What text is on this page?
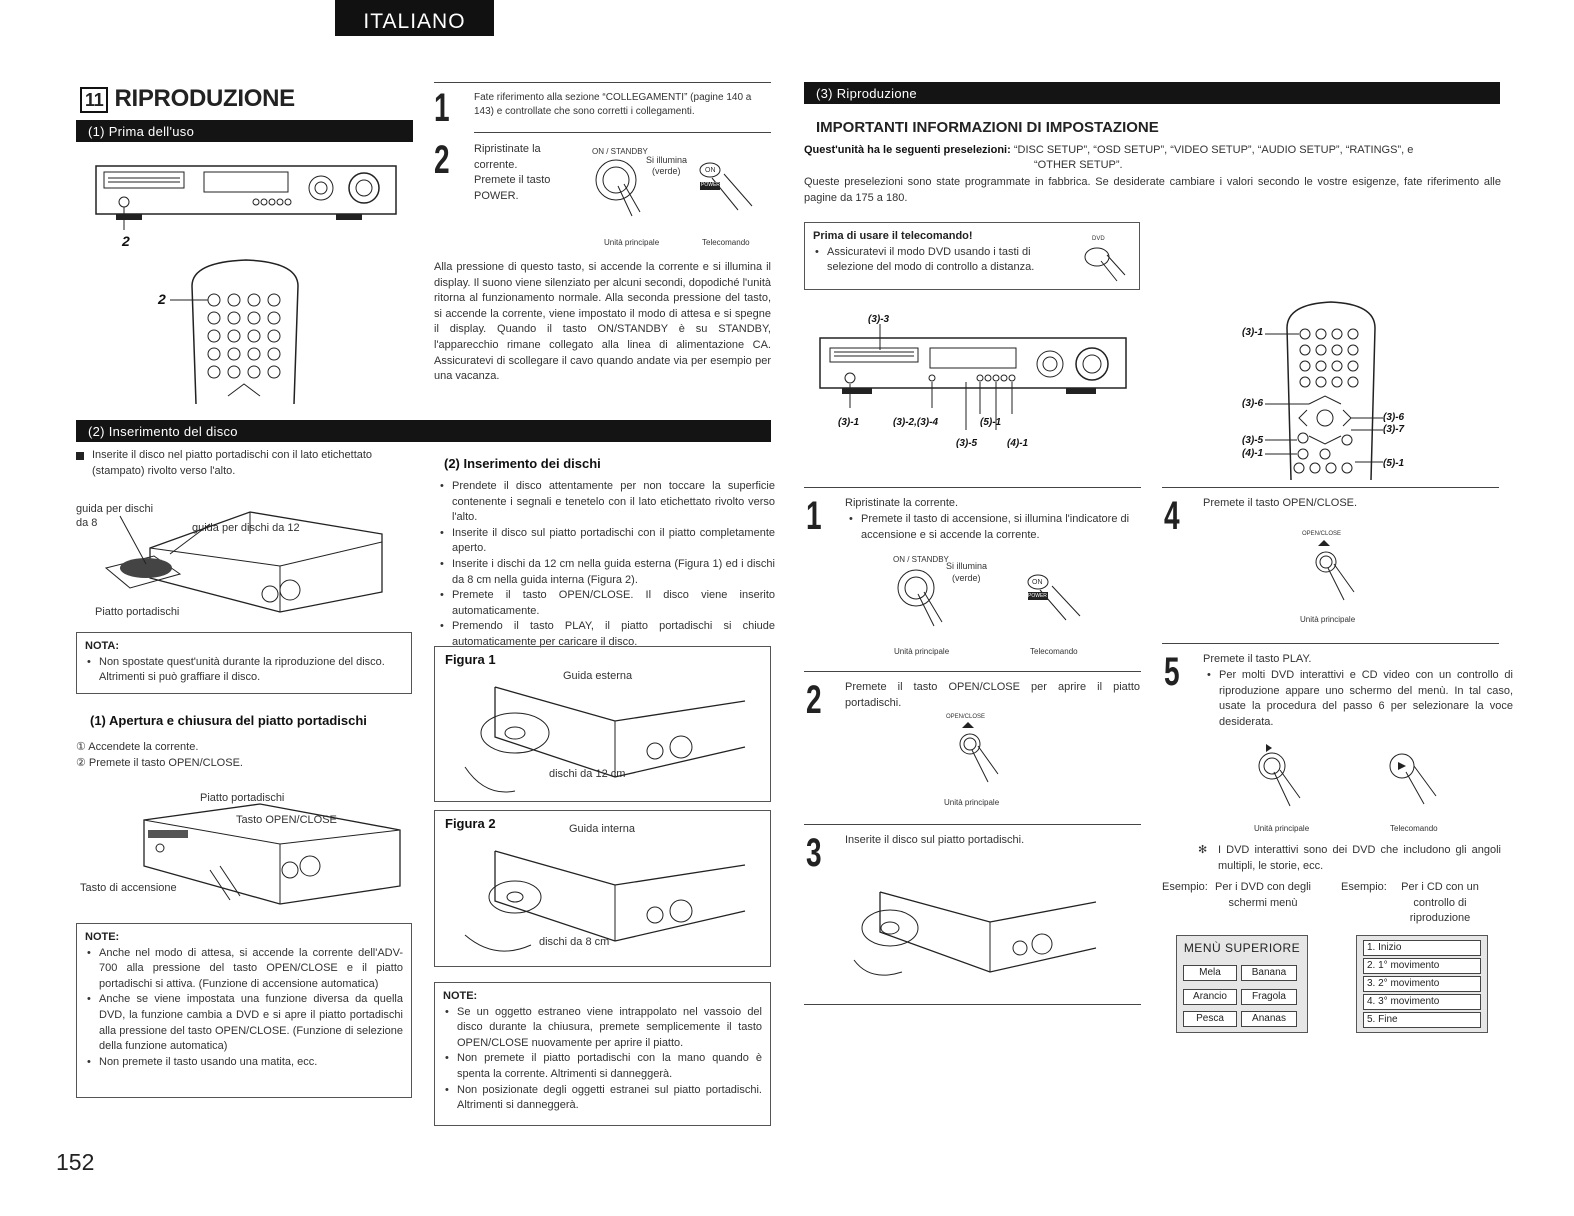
ITALIANO
11 RIPRODUZIONE
(1) Prima dell'uso
2
2
1 Fate riferimento alla sezione “COLLEGAMENTI” (pagine 140 a 143) e controllate che sono corretti i collegamenti.
2 Ripristinate la
corrente.
Premete il tasto
POWER.
ON / STANDBY
Si illumina
(verde)	ON
POWER
Unità principale	Telecomando
Alla pressione di questo tasto, si accende la corrente e si illumina il display. Il suono viene silenziato per alcuni secondi, dopodiché l'unità ritorna al funzionamento normale. Alla seconda pressione del tasto, si accende la corrente, viene impostato il modo di attesa e si spegne il display. Quando il tasto ON/STANDBY è su STANDBY, l'apparecchio rimane collegato alla linea di alimentazione CA. Assicuratevi di scollegare il cavo quando andate via per esempio per una vacanza.
(2) Inserimento del disco
Inserite il disco nel piatto portadischi con il lato etichettato (stampato) rivolto verso l'alto.
guida per dischi
da 8	guida per dischi da 12
Piatto portadischi
NOTA:
• Non spostate quest'unità durante la riproduzione del disco. Altrimenti si può graffiare il disco.
(1) Apertura e chiusura del piatto portadischi
① Accendete la corrente.
② Premete il tasto OPEN/CLOSE.
Piatto portadischi
Tasto OPEN/CLOSE
Tasto di accensione
NOTE:
• Anche nel modo di attesa, si accende la corrente dell'ADV-700 alla pressione del tasto OPEN/CLOSE e il piatto portadischi si attiva. (Funzione di accensione automatica)
• Anche se viene impostata una funzione diversa da quella DVD, la funzione cambia a DVD e si apre il piatto portadischi alla pressione del tasto OPEN/CLOSE. (Funzione di selezione della funzione automatica)
• Non premete il tasto usando una matita, ecc.
(2) Inserimento dei dischi
• Prendete il disco attentamente per non toccare la superficie contenente i segnali e tenetelo con il lato etichettato rivolto verso l'alto.
• Inserite il disco sul piatto portadischi con il piatto completamente aperto.
• Inserite i dischi da 12 cm nella guida esterna (Figura 1) ed i dischi da 8 cm nella guida interna (Figura 2).
• Premete il tasto OPEN/CLOSE. Il disco viene inserito automaticamente.
• Premendo il tasto PLAY, il piatto portadischi si chiude automaticamente per caricare il disco.
Figura 1
Guida esterna
dischi da 12 cm
Figura 2	Guida interna
dischi da 8 cm
NOTE:
• Se un oggetto estraneo viene intrappolato nel vassoio del disco durante la chiusura, premete semplicemente il tasto OPEN/CLOSE nuovamente per aprire il piatto.
• Non premete il piatto portadischi con la mano quando è spenta la corrente. Altrimenti si danneggerà.
• Non posizionate degli oggetti estranei sul piatto portadischi. Altrimenti si danneggerà.
152
(3) Riproduzione
IMPORTANTI INFORMAZIONI DI IMPOSTAZIONE
Quest'unità ha le seguenti preselezioni: “DISC SETUP”, “OSD SETUP”, “VIDEO SETUP”, “AUDIO SETUP”, “RATINGS”, e
“OTHER SETUP”.
Queste preselezioni sono state programmate in fabbrica. Se desiderate cambiare i valori secondo le vostre esigenze, fate riferimento alle pagine da 175 a 180.
Prima di usare il telecomando!
• Assicuratevi il modo DVD usando i tasti di selezione del modo di controllo a distanza.
DVD
(3)-3
(3)-1	(3)-2,(3)-4	(5)-1
(3)-5	(4)-1
(3)-1
(3)-6
(3)-6
(3)-7
(3)-5
(4)-1
(5)-1
1 Ripristinate la corrente.
• Premete il tasto di accensione, si illumina l'indicatore di accensione e si accende la corrente.
ON / STANDBY
Si illumina
(verde)	ON
POWER
Unità principale	Telecomando
2 Premete il tasto OPEN/CLOSE per aprire il piatto portadischi.
OPEN/CLOSE
Unità principale
3 Inserite il disco sul piatto portadischi.
4 Premete il tasto OPEN/CLOSE.
OPEN/CLOSE
Unità principale
5 Premete il tasto PLAY.
• Per molti DVD interattivi e CD video con un controllo di riproduzione appare uno schermo del menù. In tal caso, usate la procedura del passo 6 per selezionare la voce desiderata.
Unità principale	Telecomando
✻ I DVD interattivi sono dei DVD che includono gli angoli multipli, le storie, ecc.
Esempio: Per i DVD con degli
schermi menù
Esempio:	Per i CD con un
controllo di
riproduzione
MENÙ SUPERIORE
Mela	Banana
Arancio	Fragola
Pesca	Ananas
1. Inizio
2. 1° movimento
3. 2° movimento
4. 3° movimento
5. Fine
